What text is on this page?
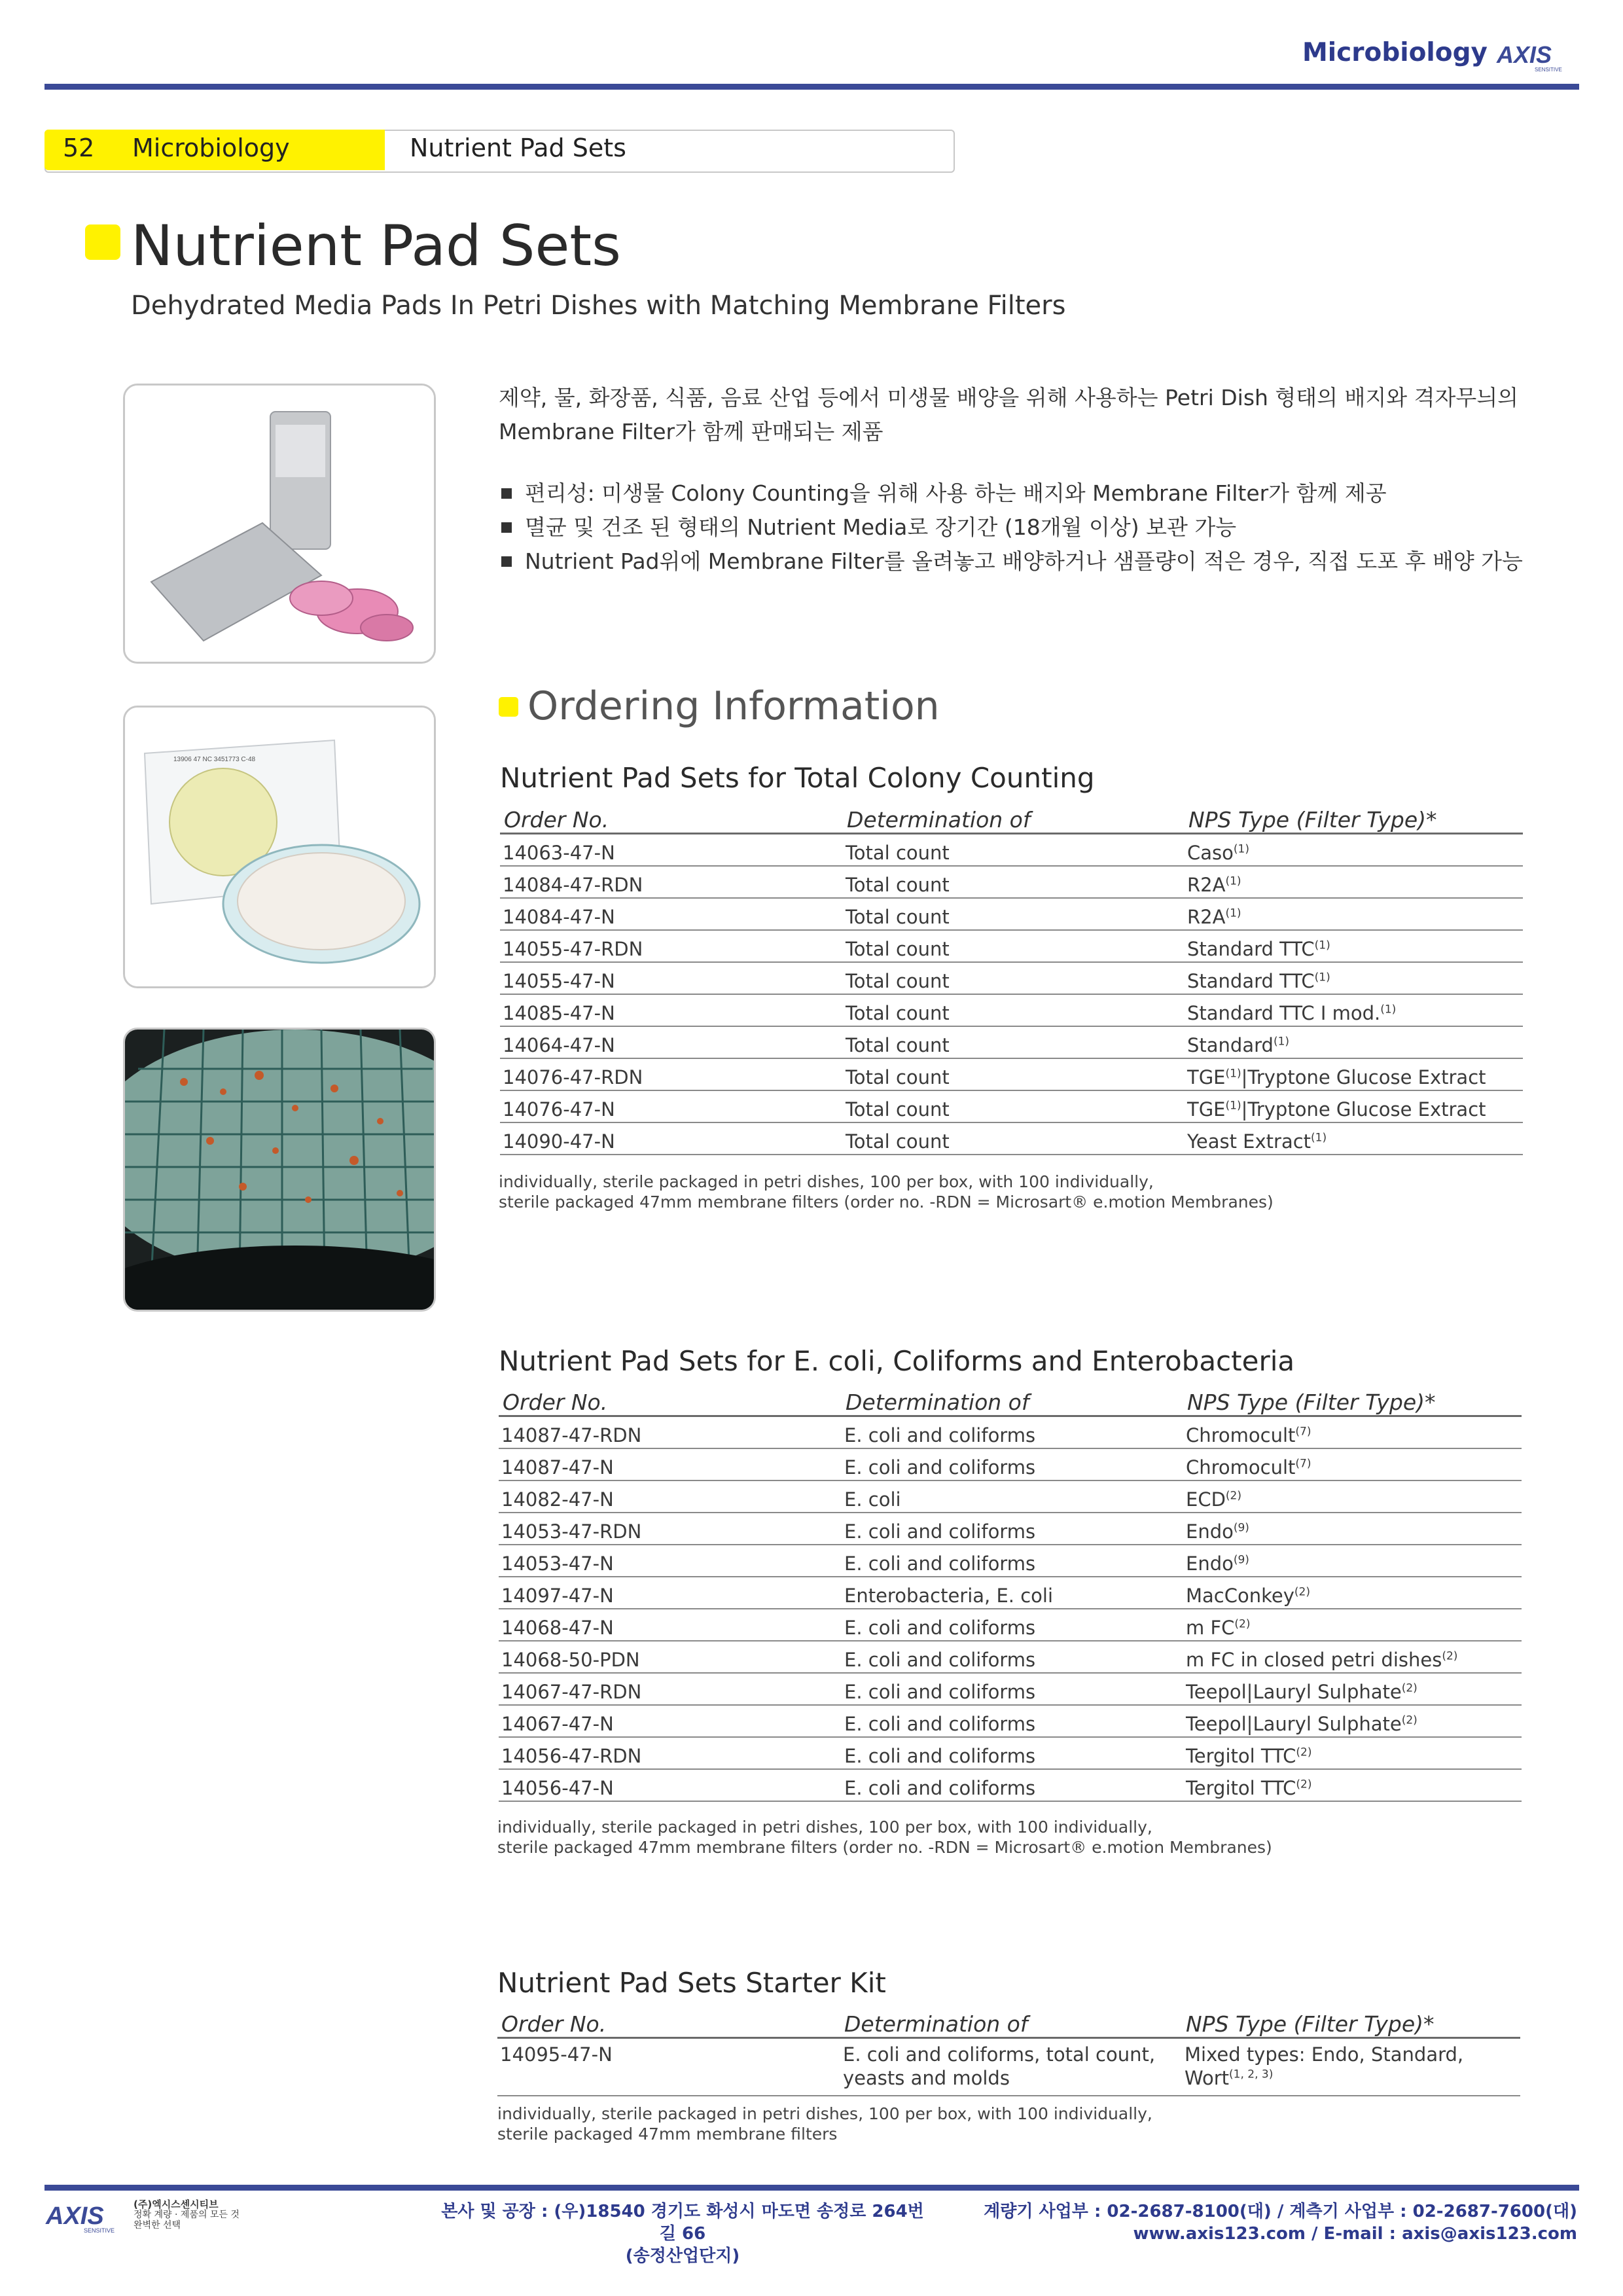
Microbiology AXIS
SENSITIVE
52 Microbiology	Nutrient Pad Sets
Nutrient Pad Sets
Dehydrated Media Pads In Petri Dishes with Matching Membrane Filters
13906 47 NC 3451773 C-48
제약, 물, 화장품, 식품, 음료 산업 등에서 미생물 배양을 위해 사용하는 Petri Dish 형태의 배지와 격자무늬의 Membrane Filter가 함께 판매되는 제품
편리성: 미생물 Colony Counting을 위해 사용 하는 배지와 Membrane Filter가 함께 제공
멸균 및 건조 된 형태의 Nutrient Media로 장기간 (18개월 이상) 보관 가능
Nutrient Pad위에 Membrane Filter를 올려놓고 배양하거나 샘플량이 적은 경우, 직접 도포 후 배양 가능
Ordering Information
Nutrient Pad Sets for Total Colony Counting
Order No.	Determination of	NPS Type (Filter Type)*
14063-47-N	Total count	Caso$^{(1)}$
14084-47-RDN	Total count	$R2A^{(1)}$
14084-47-N	Total count	$R2A^{(1)}$
14055-47-RDN	Total count	Standard TTC$^{(1)}$
14055-47-N	Total count	Standard TTC$^{(1)}$
14085-47-N	Total count	Standard TTC I mod.$^{(1)}$
14064-47-N	Total count	Standard$^{(1)}$
14076-47-RDN	Total count	TGE$^{(1)}$|Tryptone Glucose Extract
14076-47-N	Total count	TGE$^{(1)}$|Tryptone Glucose Extract
14090-47-N	Total count	Yeast Extract$^{(1)}$
individually, sterile packaged in petri dishes, 100 per box, with 100 individually,
sterile packaged 47mm membrane filters (order no. -RDN = Microsart® e.motion Membranes)
Nutrient Pad Sets for E. coli, Coliforms and Enterobacteria
Order No.	Determination of	NPS Type (Filter Type)*
14087-47-RDN	E. coli and coliforms	Chromocult$^{(7)}$
14087-47-N	E. coli and coliforms	Chromocult$^{(7)}$
14082-47-N	E. coli	ECD$^{(2)}$
14053-47-RDN	E. coli and coliforms	Endo$^{(9)}$
14053-47-N	E. coli and coliforms	Endo$^{(9)}$
14097-47-N	Enterobacteria, E. coli	MacConkey$^{(2)}$
14068-47-N	E. coli and coliforms	m FC$^{(2)}$
14068-50-PDN	E. coli and coliforms	m FC in closed petri dishes$^{(2)}$
14067-47-RDN	E. coli and coliforms	Teepol|Lauryl Sulphate$^{(2)}$
14067-47-N	E. coli and coliforms	Teepol|Lauryl Sulphate$^{(2)}$
14056-47-RDN	E. coli and coliforms	Tergitol TTC$^{(2)}$
14056-47-N	E. coli and coliforms	Tergitol TTC$^{(2)}$
individually, sterile packaged in petri dishes, 100 per box, with 100 individually,
sterile packaged 47mm membrane filters (order no. -RDN = Microsart® e.motion Membranes)
Nutrient Pad Sets Starter Kit
Order No.	Determination of	NPS Type (Filter Type)*
14095-47-N	E. coli and coliforms, total count, yeasts and molds	Mixed types: Endo, Standard, Wort$^{(1, 2, 3)}$
individually, sterile packaged in petri dishes, 100 per box, with 100 individually,
sterile packaged 47mm membrane filters
AXIS
SENSITIVE
(주)엑시스센시티브
정확 계량 · 제품의 모든 것
완벽한 선택
본사 및 공장 : (우)18540 경기도 화성시 마도면 송정로 264번길 66
(송정산업단지)
계량기 사업부 : 02-2687-8100(대) / 계측기 사업부 : 02-2687-7600(대)
www.axis123.com / E-mail : axis@axis123.com
